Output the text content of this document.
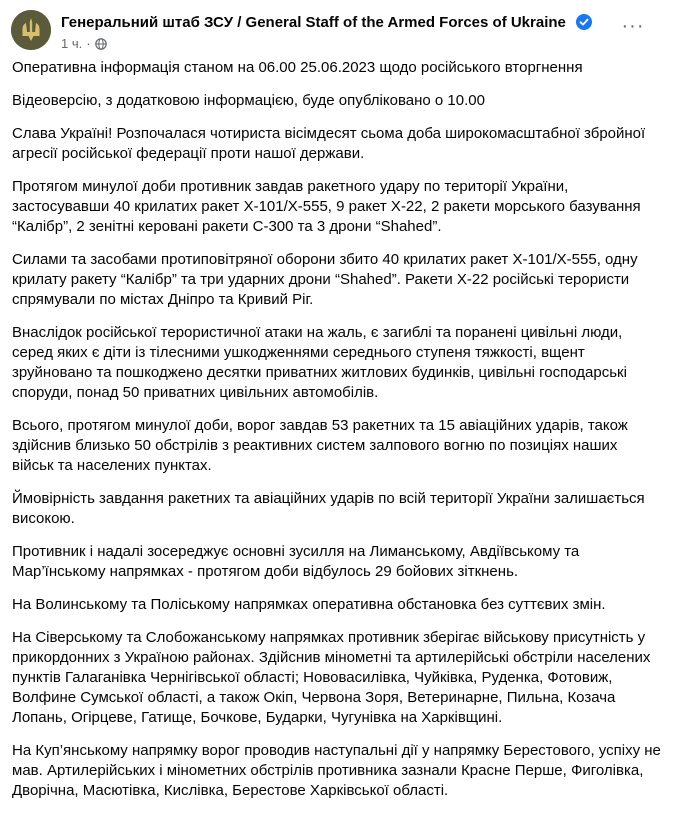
Генеральний штаб ЗСУ / General Staff of the Armed Forces of Ukraine
1 ч. ·
···

Оперативна інформація станом на 06.00 25.06.2023 щодо російського вторгнення

Відеоверсію, з додатковою інформацією, буде опубліковано о 10.00

Слава Україні! Розпочалася чотириста вісімдесят сьома доба широкомасштабної збройної агресії російської федерації проти нашої держави.

Протягом минулої доби противник завдав ракетного удару по території України, застосувавши 40 крилатих ракет Х-101/Х-555, 9 ракет Х-22, 2 ракети морського базування “Калібр”, 2 зенітні керовані ракети С-300 та 3 дрони “Shahed”.

Силами та засобами протиповітряної оборони збито 40 крилатих ракет Х-101/Х-555, одну крилату ракету “Калібр” та три ударних дрони “Shahed”. Ракети Х-22 російські терористи спрямували по містах Дніпро та Кривий Ріг.

Внаслідок російської терористичної атаки на жаль, є загиблі та поранені цивільні люди, серед яких є діти із тілесними ушкодженнями середнього ступеня тяжкості, вщент зруйновано та пошкоджено десятки приватних житлових будинків, цивільні господарські споруди, понад 50 приватних цивільних автомобілів.

Всього, протягом минулої доби, ворог завдав 53 ракетних та 15 авіаційних ударів, також здійснив близько 50 обстрілів з реактивних систем залпового вогню по позиціях наших військ та населених пунктах.

Ймовірність завдання ракетних та авіаційних ударів по всій території України залишається високою.

Противник і надалі зосереджує основні зусилля на Лиманському, Авдіївському та Мар’їнському напрямках - протягом доби відбулось 29 бойових зіткнень.

На Волинському та Поліському напрямках оперативна обстановка без суттєвих змін.

На Сіверському та Слобожанському напрямках противник зберігає військову присутність у прикордонних з Україною районах. Здійснив мінометні та артилерійські обстріли населених пунктів Галаганівка Чернігівської області; Нововасилівка, Чуйківка, Руденка, Фотовиж, Волфине Сумської області, а також Окіп, Червона Зоря, Ветеринарне, Пильна, Козача Лопань, Огірцеве, Гатище, Бочкове, Бударки, Чугунівка на Харківщині.

На Куп’янському напрямку ворог проводив наступальні дії у напрямку Берестового, успіху не мав. Артилерійських і мінометних обстрілів противника зазнали Красне Перше, Фиголівка, Дворічна, Масютівка, Кислівка, Берестове Харківської області.
